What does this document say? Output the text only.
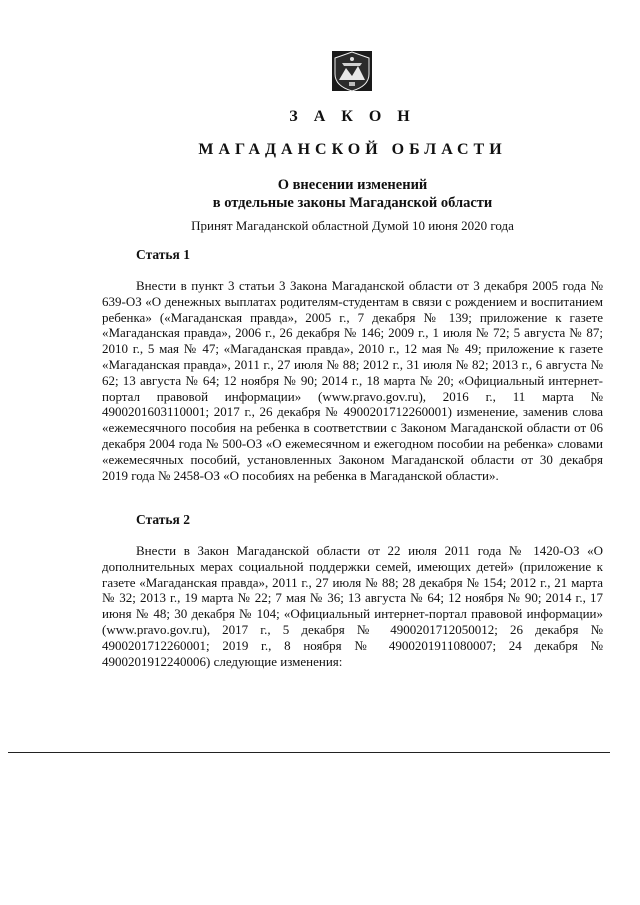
З А К О Н
МАГАДАНСКОЙ ОБЛАСТИ
О внесении изменений
в отдельные законы Магаданской области
Принят Магаданской областной Думой 10 июня 2020 года
Статья 1

Внести в пункт 3 статьи 3 Закона Магаданской области от 3 декабря 2005 года № 639-ОЗ «О денежных выплатах родителям-студентам в связи с рождением и воспитанием ребенка» («Магаданская правда», 2005 г., 7 декабря № 139; приложение к газете «Магаданская правда», 2006 г., 26 декабря № 146; 2009 г., 1 июля № 72; 5 августа № 87; 2010 г., 5 мая № 47; «Магаданская правда», 2010 г., 12 мая № 49; приложение к газете «Магаданская правда», 2011 г., 27 июля № 88; 2012 г., 31 июля № 82; 2013 г., 6 августа № 62; 13 августа № 64; 12 ноября № 90; 2014 г., 18 марта № 20; «Официальный интернет-портал правовой информации» (www.pravo.gov.ru), 2016 г., 11 марта № 4900201603110001; 2017 г., 26 декабря № 4900201712260001) изменение, заменив слова «ежемесячного пособия на ребенка в соответствии с Законом Магаданской области от 06 декабря 2004 года № 500-ОЗ «О ежемесячном и ежегодном пособии на ребенка» словами «ежемесячных пособий, установленных Законом Магаданской области от 30 декабря 2019 года № 2458-ОЗ «О пособиях на ребенка в Магаданской области».

Статья 2

Внести в Закон Магаданской области от 22 июля 2011 года № 1420-ОЗ «О дополнительных мерах социальной поддержки семей, имеющих детей» (приложение к газете «Магаданская правда», 2011 г., 27 июля № 88; 28 декабря № 154; 2012 г., 21 марта № 32; 2013 г., 19 марта № 22; 7 мая № 36; 13 августа № 64; 12 ноября № 90; 2014 г., 17 июня № 48; 30 декабря № 104; «Официальный интернет-портал правовой информации» (www.pravo.gov.ru), 2017 г., 5 декабря № 4900201712050012; 26 декабря № 4900201712260001; 2019 г., 8 ноября № 4900201911080007; 24 декабря № 4900201912240006) следующие изменения:
